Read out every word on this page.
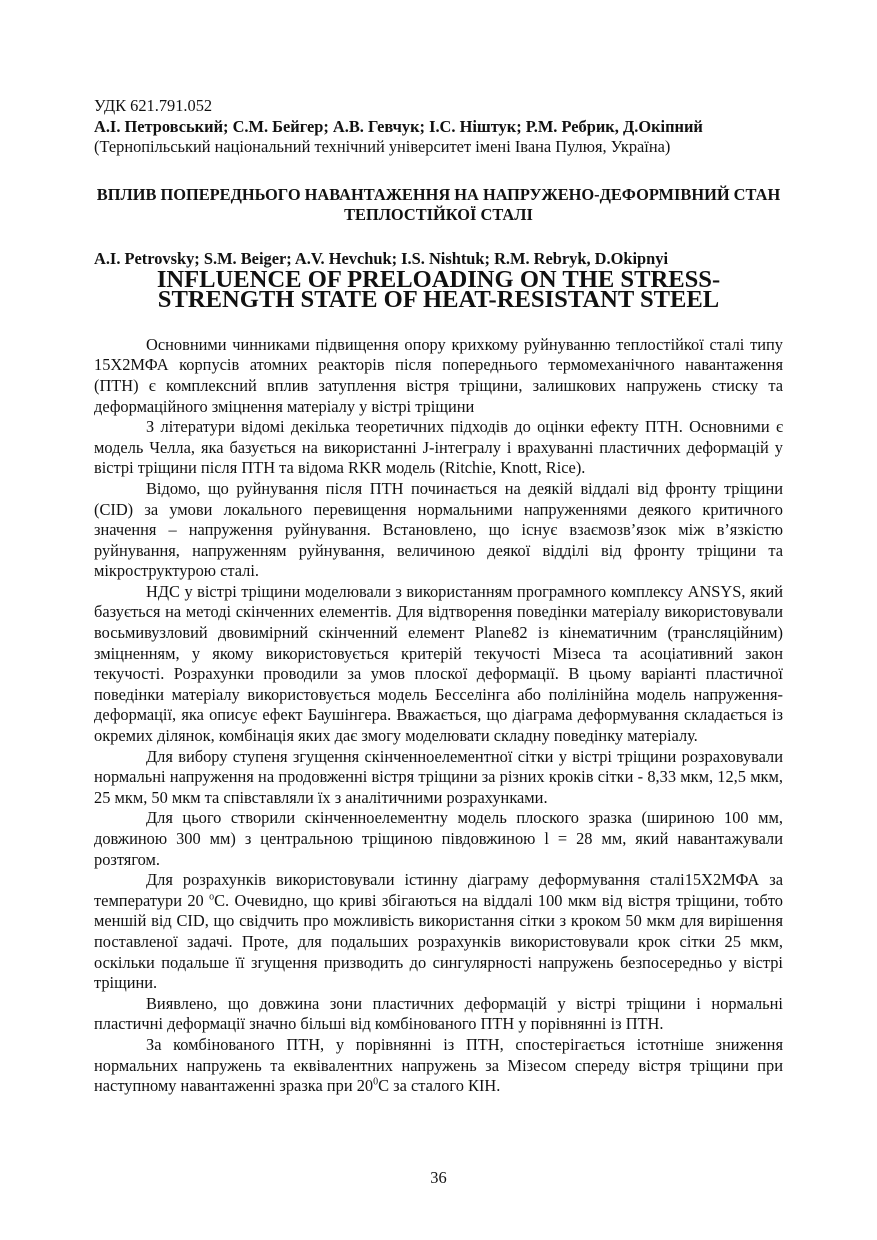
УДК 621.791.052

А.І. Петровський; С.М. Бейгер; А.В. Гевчук; І.С. Ніштук; Р.М. Ребрик, Д.Окіпний

(Тернопільський національний технічний університет імені Івана Пулюя, Україна)

ВПЛИВ ПОПЕРЕДНЬОГО НАВАНТАЖЕННЯ НА НАПРУЖЕНО-ДЕФОРМІВНИЙ СТАН ТЕПЛОСТІЙКОЇ СТАЛІ

A.I. Petrovsky; S.M. Beiger; A.V. Hevchuk; I.S. Nishtuk; R.M. Rebryk, D.Okipnyi

INFLUENCE OF PRELOADING ON THE STRESS-STRENGTH STATE OF HEAT-RESISTANT STEEL

Основними чинниками підвищення опору крихкому руйнуванню теплостійкої сталі типу 15Х2МФА корпусів атомних реакторів після попереднього термомеханічного навантаження (ПТН) є комплексний вплив затуплення вістря тріщини, залишкових напружень стиску та деформаційного зміцнення матеріалу у вістрі тріщини

З літератури відомі декілька теоретичних підходів до оцінки ефекту ПТН. Основними є модель Челла, яка базується на використанні J-інтегралу і врахуванні пластичних деформацій у вістрі тріщини після ПТН та відома RKR модель (Ritchie, Knott, Rice).

Відомо, що руйнування після ПТН починається на деякій віддалі від фронту тріщини (CID) за умови локального перевищення нормальними напруженнями деякого критичного значення – напруження руйнування. Встановлено, що існує взаємозв’язок між в’язкістю руйнування, напруженням руйнування, величиною деякої відділі від фронту тріщини та мікроструктурою сталі.

НДС у вістрі тріщини моделювали з використанням програмного комплексу ANSYS, який базується на методі скінченних елементів. Для відтворення поведінки матеріалу використовували восьмивузловий двовимірний скінченний елемент Plane82 із кінематичним (трансляційним) зміцненням, у якому використовується критерій текучості Мізеса та асоціативний закон текучості. Розрахунки проводили за умов плоскої деформації. В цьому варіанті пластичної поведінки матеріалу використовується модель Бесселінга або полілінійна модель напруження-деформації, яка описує ефект Баушінгера. Вважається, що діаграма деформування складається із окремих ділянок, комбінація яких дає змогу моделювати складну поведінку матеріалу.

Для вибору ступеня згущення скінченноелементної сітки у вістрі тріщини розраховували нормальні напруження на продовженні вістря тріщини за різних кроків сітки - 8,33 мкм, 12,5 мкм, 25 мкм, 50 мкм та співставляли їх з аналітичними розрахунками.

Для цього створили скінченноелементну модель плоского зразка (шириною 100 мм, довжиною 300 мм) з центральною тріщиною півдовжиною l = 28 мм, який навантажували розтягом.

Для розрахунків використовували істинну діаграму деформування сталі15Х2МФА за температури 20 $^o$С. Очевидно, що криві збігаються на віддалі 100 мкм від вістря тріщини, тобто меншій від CID, що свідчить про можливість використання сітки з кроком 50 мкм для вирішення поставленої задачі. Проте, для подальших розрахунків використовували крок сітки 25 мкм, оскільки подальше її згущення призводить до сингулярності напружень безпосередньо у вістрі тріщини.

Виявлено, що довжина зони пластичних деформацій у вістрі тріщини і нормальні пластичні деформації значно більші від комбінованого ПТН у порівнянні із ПТН.

За комбінованого ПТН, у порівнянні із ПТН, спостерігається істотніше зниження нормальних напружень та еквівалентних напружень за Мізесом спереду вістря тріщини при наступному навантаженні зразка при $20^0С$ за сталого КІН.

36
